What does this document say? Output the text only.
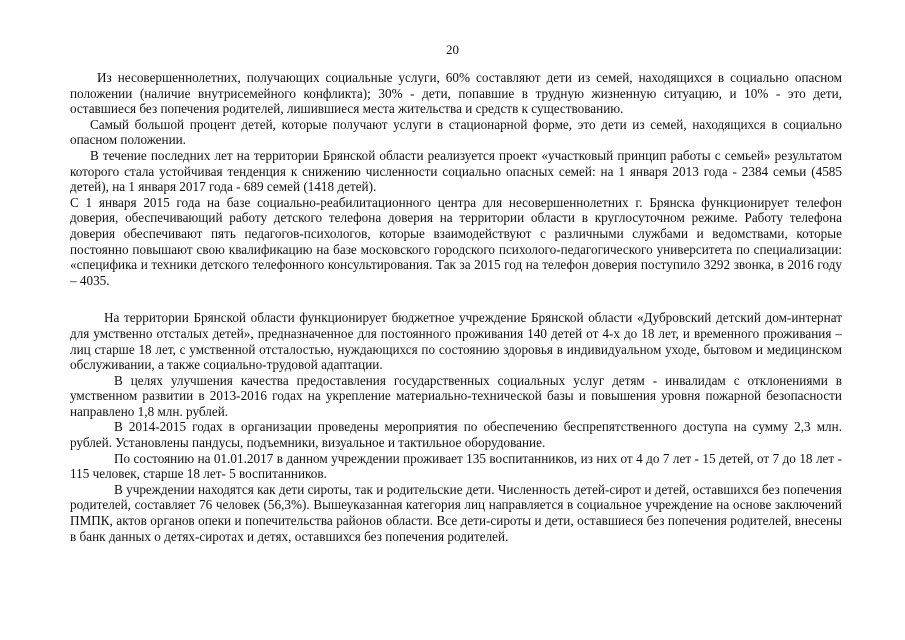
20

Из несовершеннолетних, получающих социальные услуги, 60% составляют дети из семей, находящихся в социально опасном положении (наличие внутрисемейного конфликта); 30% - дети, попавшие в трудную жизненную ситуацию, и 10% - это дети, оставшиеся без попечения родителей, лишившиеся места жительства и средств к существованию.

Самый большой процент детей, которые получают услуги в стационарной форме, это дети из семей, находящихся в социально опасном положении.

В течение последних лет на территории Брянской области реализуется проект «участковый принцип работы с семьей» результатом которого стала устойчивая тенденция к снижению численности социально опасных семей: на 1 января 2013 года - 2384 семьи (4585 детей), на 1 января 2017 года - 689 семей (1418 детей).

С 1 января 2015 года на базе социально-реабилитационного центра для несовершеннолетних г. Брянска функционирует телефон доверия, обеспечивающий работу детского телефона доверия на территории области в круглосуточном режиме. Работу телефона доверия обеспечивают пять педагогов-психологов, которые взаимодействуют с различными службами и ведомствами, которые постоянно повышают свою квалификацию на базе московского городского психолого-педагогического университета по специализации: «специфика и техники детского телефонного консультирования. Так за 2015 год на телефон доверия поступило 3292 звонка, в 2016 году – 4035.

На территории Брянской области функционирует бюджетное учреждение Брянской области «Дубровский детский дом-интернат для умственно отсталых детей», предназначенное для постоянного проживания 140 детей от 4-х до 18 лет, и временного проживания – лиц старше 18 лет, с умственной отсталостью, нуждающихся по состоянию здоровья в индивидуальном уходе, бытовом и медицинском обслуживании, а также социально-трудовой адаптации.

В целях улучшения качества предоставления государственных социальных услуг детям - инвалидам с отклонениями в умственном развитии в 2013-2016 годах на укрепление материально-технической базы и повышения уровня пожарной безопасности направлено 1,8 млн. рублей.

В 2014-2015 годах в организации проведены мероприятия по обеспечению беспрепятственного доступа на сумму 2,3 млн. рублей. Установлены пандусы, подъемники, визуальное и тактильное оборудование.

По состоянию на 01.01.2017 в данном учреждении проживает 135 воспитанников, из них от 4 до 7 лет - 15 детей, от 7 до 18 лет - 115 человек, старше 18 лет- 5 воспитанников.

В учреждении находятся как дети сироты, так и родительские дети. Численность детей-сирот и детей, оставшихся без попечения родителей, составляет 76 человек (56,3%). Вышеуказанная категория лиц направляется в социальное учреждение на основе заключений ПМПК, актов органов опеки и попечительства районов области. Все дети-сироты и дети, оставшиеся без попечения родителей, внесены в банк данных о детях-сиротах и детях, оставшихся без попечения родителей.
